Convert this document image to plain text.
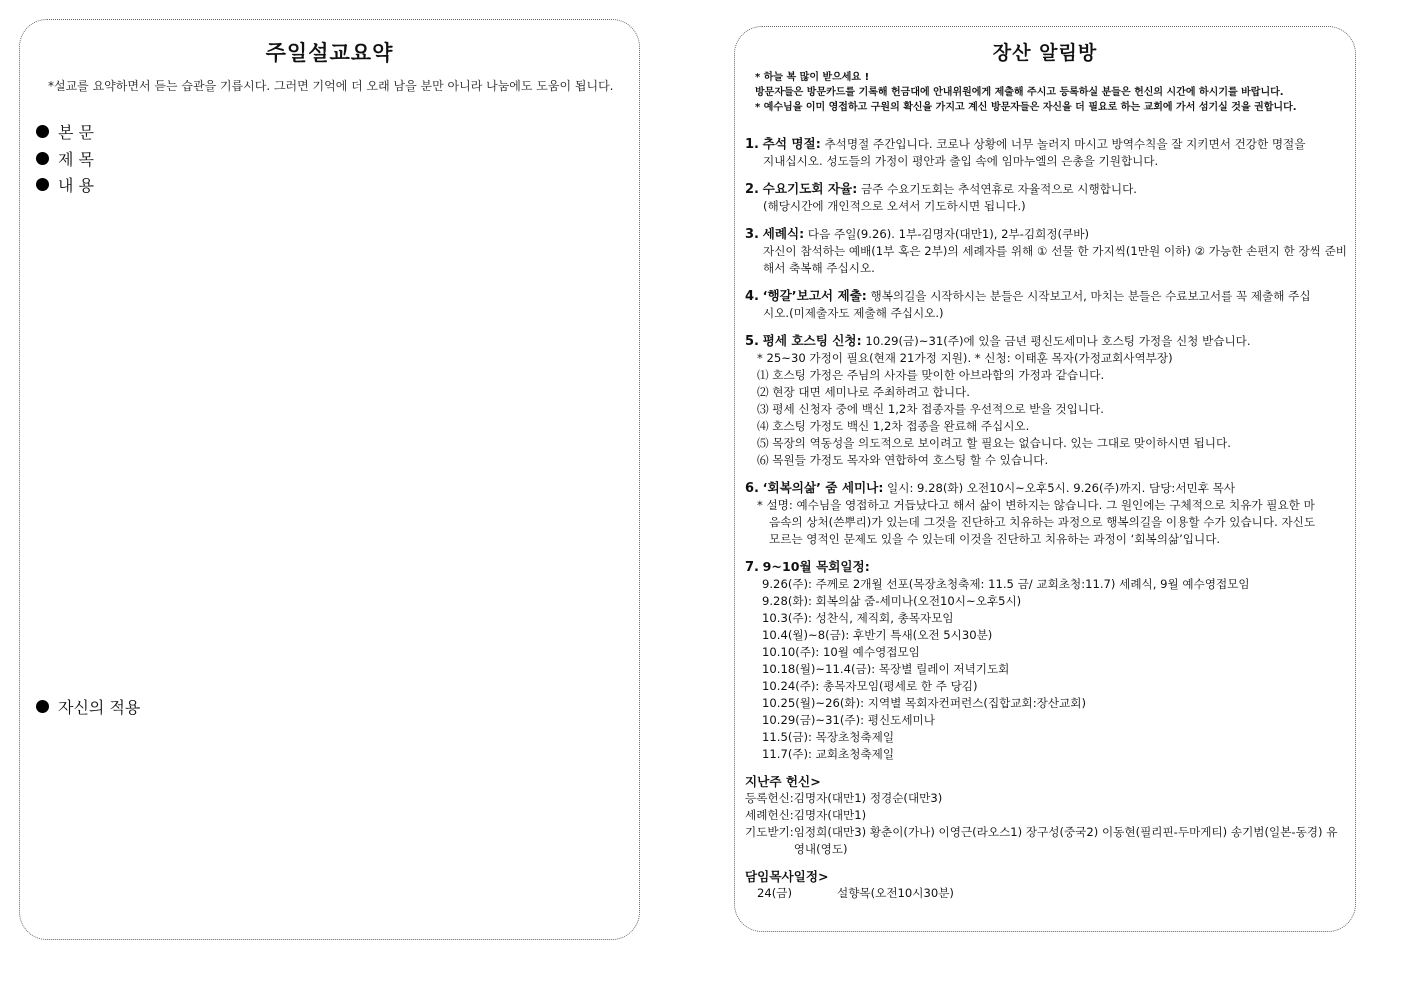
주일설교요약
*설교를 요약하면서 듣는 습관을 기릅시다. 그러면 기억에 더 오래 남을 분만 아니라 나눔에도 도움이 됩니다.
본 문
제 목
내 용
자신의 적용
장산 알림방
* 하늘 복 많이 받으세요 !
방문자들은 방문카드를 기록해 헌금대에 안내위원에게 제출해 주시고 등록하실 분들은 헌신의 시간에 하시기를 바랍니다.
* 예수님을 이미 영접하고 구원의 확신을 가지고 계신 방문자들은 자신을 더 필요로 하는 교회에 가서 섬기실 것을 권합니다.
1. 추석 명절: 추석명절 주간입니다. 코로나 상황에 너무 놀러지 마시고 방역수칙을 잘 지키면서 건강한 명절을
지내십시오. 성도들의 가정이 평안과 출입 속에 임마누엘의 은총을 기원합니다.
2. 수요기도회 자율: 금주 수요기도회는 추석연휴로 자율적으로 시행합니다.
(해당시간에 개인적으로 오셔서 기도하시면 됩니다.)
3. 세례식: 다음 주일(9.26). 1부-김명자(대만1), 2부-김희정(쿠바)
자신이 참석하는 예배(1부 혹은 2부)의 세례자를 위해 ① 선물 한 가지씩(1만원 이하) ② 가능한 손편지 한 장씩 준비해서 축복해 주십시오.
4. ‘행갈’보고서 제출: 행복의길을 시작하시는 분들은 시작보고서, 마치는 분들은 수료보고서를 꼭 제출해 주십
시오.(미제출자도 제출해 주십시오.)
5. 평세 호스팅 신청: 10.29(금)~31(주)에 있을 금년 평신도세미나 호스팅 가정을 신청 받습니다.
* 25~30 가정이 필요(현재 21가정 지원). * 신청: 이태훈 목자(가정교회사역부장)
⑴ 호스팅 가정은 주님의 사자를 맞이한 아브라함의 가정과 같습니다.
⑵ 현장 대면 세미나로 주최하려고 합니다.
⑶ 평세 신청자 중에 백신 1,2차 접종자를 우선적으로 받을 것입니다.
⑷ 호스팅 가정도 백신 1,2차 접종을 완료해 주십시오.
⑸ 목장의 역동성을 의도적으로 보이려고 할 필요는 없습니다. 있는 그대로 맞이하시면 됩니다.
⑹ 목원들 가정도 목자와 연합하여 호스팅 할 수 있습니다.
6. ‘회복의삶’ 줌 세미나: 일시: 9.28(화) 오전10시~오후5시. 9.26(주)까지. 담당:서민후 목사
* 설명: 예수님을 영접하고 거듭났다고 해서 삶이 변하지는 않습니다. 그 원인에는 구체적으로 치유가 필요한 마
음속의 상처(쓴뿌리)가 있는데 그것을 진단하고 치유하는 과정으로 행복의길을 이용할 수가 있습니다. 자신도
모르는 영적인 문제도 있을 수 있는데 이것을 진단하고 치유하는 과정이 ‘회복의삶’입니다.
7. 9~10월 목회일정:
9.26(주): 주께로 2개월 선포(목장초청축제: 11.5 금/ 교회초청:11.7) 세례식, 9월 예수영접모임
9.28(화): 회복의삶 줌-세미나(오전10시~오후5시)
10.3(주): 성찬식, 제직회, 총목자모임
10.4(월)~8(금): 후반기 특새(오전 5시30분)
10.10(주): 10월 예수영접모임
10.18(월)~11.4(금): 목장별 릴레이 저녁기도회
10.24(주): 총목자모임(평세로 한 주 당김)
10.25(월)~26(화): 지역별 목회자컨퍼런스(집합교회:장산교회)
10.29(금)~31(주): 평신도세미나
11.5(금): 목장초청축제일
11.7(주): 교회초청축제일
지난주 헌신>
등록헌신: 김명자(대만1) 정경순(대만3)
세례헌신: 김명자(대만1)
기도받기: 임정희(대만3) 황춘이(가나) 이영근(라오스1) 장구성(중국2) 이동현(필리핀-두마게티) 송기범(일본-동경) 유영내(영도)
담임목사일정>
24(금)	설향목(오전10시30분)
